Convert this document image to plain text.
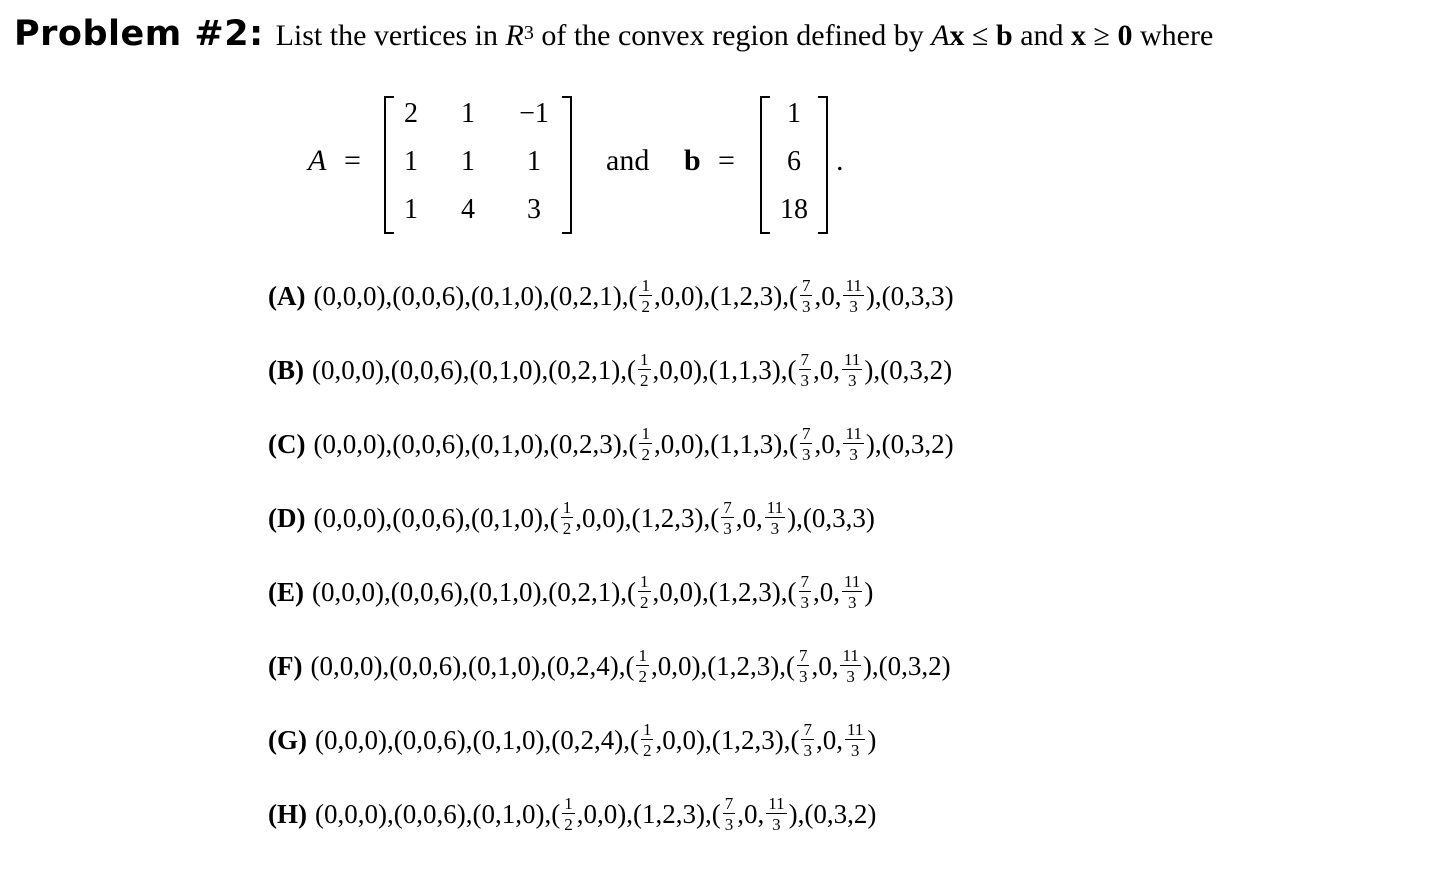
Problem #2: List the vertices in $R^3$ of the convex region defined by Ax ≤ b and x ≥ 0 where
A =
2	1	−1
1	1	1
1	4	3
and b =
1
6
18
.
(A) ( 0 , 0 , 0 ) , ( 0 , 0 , 6 ) , ( 0 , 1 , 0 ) , ( 0 , 2 , 1 ) , ( $\frac{1}{2}$ , 0 , 0 ) , ( 1 , 2 , 3 ) , ( $\frac{7}{3}$ , 0 , $\frac{11}{3}$ ) , ( 0 , 3 , 3 )
(B) ( 0 , 0 , 0 ) , ( 0 , 0 , 6 ) , ( 0 , 1 , 0 ) , ( 0 , 2 , 1 ) , ( $\frac{1}{2}$ , 0 , 0 ) , ( 1 , 1 , 3 ) , ( $\frac{7}{3}$ , 0 , $\frac{11}{3}$ ) , ( 0 , 3 , 2 )
(C) ( 0 , 0 , 0 ) , ( 0 , 0 , 6 ) , ( 0 , 1 , 0 ) , ( 0 , 2 , 3 ) , ( $\frac{1}{2}$ , 0 , 0 ) , ( 1 , 1 , 3 ) , ( $\frac{7}{3}$ , 0 , $\frac{11}{3}$ ) , ( 0 , 3 , 2 )
(D) ( 0 , 0 , 0 ) , ( 0 , 0 , 6 ) , ( 0 , 1 , 0 ) , ( $\frac{1}{2}$ , 0 , 0 ) , ( 1 , 2 , 3 ) , ( $\frac{7}{3}$ , 0 , $\frac{11}{3}$ ) , ( 0 , 3 , 3 )
(E) ( 0 , 0 , 0 ) , ( 0 , 0 , 6 ) , ( 0 , 1 , 0 ) , ( 0 , 2 , 1 ) , ( $\frac{1}{2}$ , 0 , 0 ) , ( 1 , 2 , 3 ) , ( $\frac{7}{3}$ , 0 , $\frac{11}{3}$ )
(F) ( 0 , 0 , 0 ) , ( 0 , 0 , 6 ) , ( 0 , 1 , 0 ) , ( 0 , 2 , 4 ) , ( $\frac{1}{2}$ , 0 , 0 ) , ( 1 , 2 , 3 ) , ( $\frac{7}{3}$ , 0 , $\frac{11}{3}$ ) , ( 0 , 3 , 2 )
(G) ( 0 , 0 , 0 ) , ( 0 , 0 , 6 ) , ( 0 , 1 , 0 ) , ( 0 , 2 , 4 ) , ( $\frac{1}{2}$ , 0 , 0 ) , ( 1 , 2 , 3 ) , ( $\frac{7}{3}$ , 0 , $\frac{11}{3}$ )
(H) ( 0 , 0 , 0 ) , ( 0 , 0 , 6 ) , ( 0 , 1 , 0 ) , ( $\frac{1}{2}$ , 0 , 0 ) , ( 1 , 2 , 3 ) , ( $\frac{7}{3}$ , 0 , $\frac{11}{3}$ ) , ( 0 , 3 , 2 )
